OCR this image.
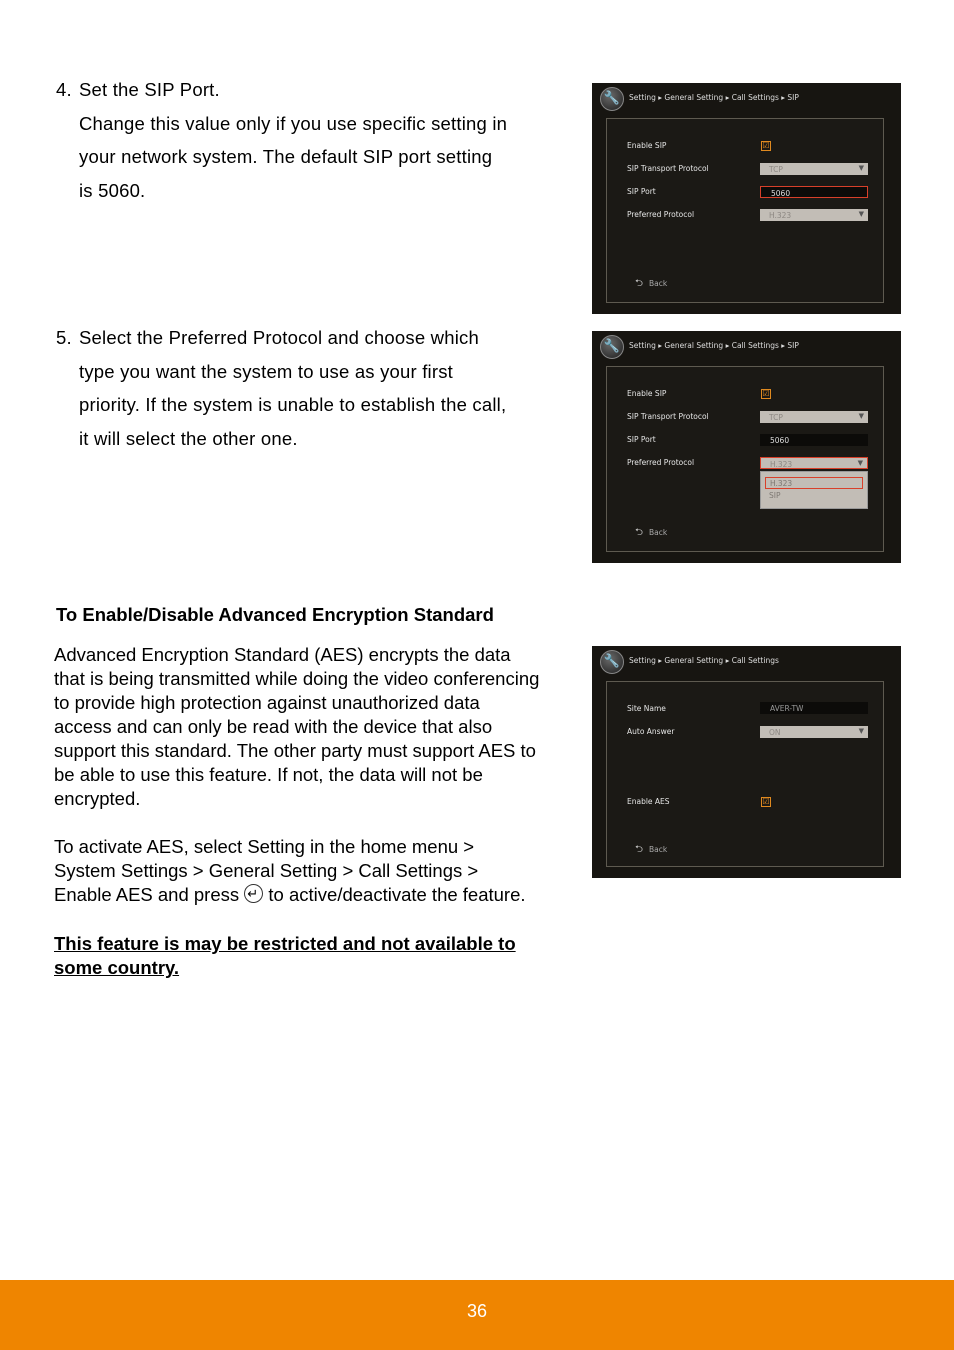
4. Set the SIP Port.
Change this value only if you use specific setting in
your network system. The default SIP port setting
is 5060.
5. Select the Preferred Protocol and choose which
type you want the system to use as your first
priority. If the system is unable to establish the call,
it will select the other one.
To Enable/Disable Advanced Encryption Standard
Advanced Encryption Standard (AES) encrypts the data
that is being transmitted while doing the video conferencing
to provide high protection against unauthorized data
access and can only be read with the device that also
support this standard. The other party must support AES to
be able to use this feature. If not, the data will not be
encrypted.
To activate AES, select Setting in the home menu >
System Settings > General Setting > Call Settings >
Enable AES and press ↵ to active/deactivate the feature.
This feature is may be restricted and not available to
some country.
🔧	Setting ▸ General Setting ▸ Call Settings ▸ SIP
Enable SIP	☑
SIP Transport Protocol	TCP	▼
SIP Port	5060
Preferred Protocol	H.323	▼
⮌ Back
🔧	Setting ▸ General Setting ▸ Call Settings ▸ SIP
Enable SIP	☑
SIP Transport Protocol	TCP	▼
SIP Port	5060
Preferred Protocol	H.323	▼
H.323
SIP
⮌ Back
🔧	Setting ▸ General Setting ▸ Call Settings
Site Name	AVER-TW
Auto Answer	ON	▼
Enable AES	☑
⮌ Back
36
